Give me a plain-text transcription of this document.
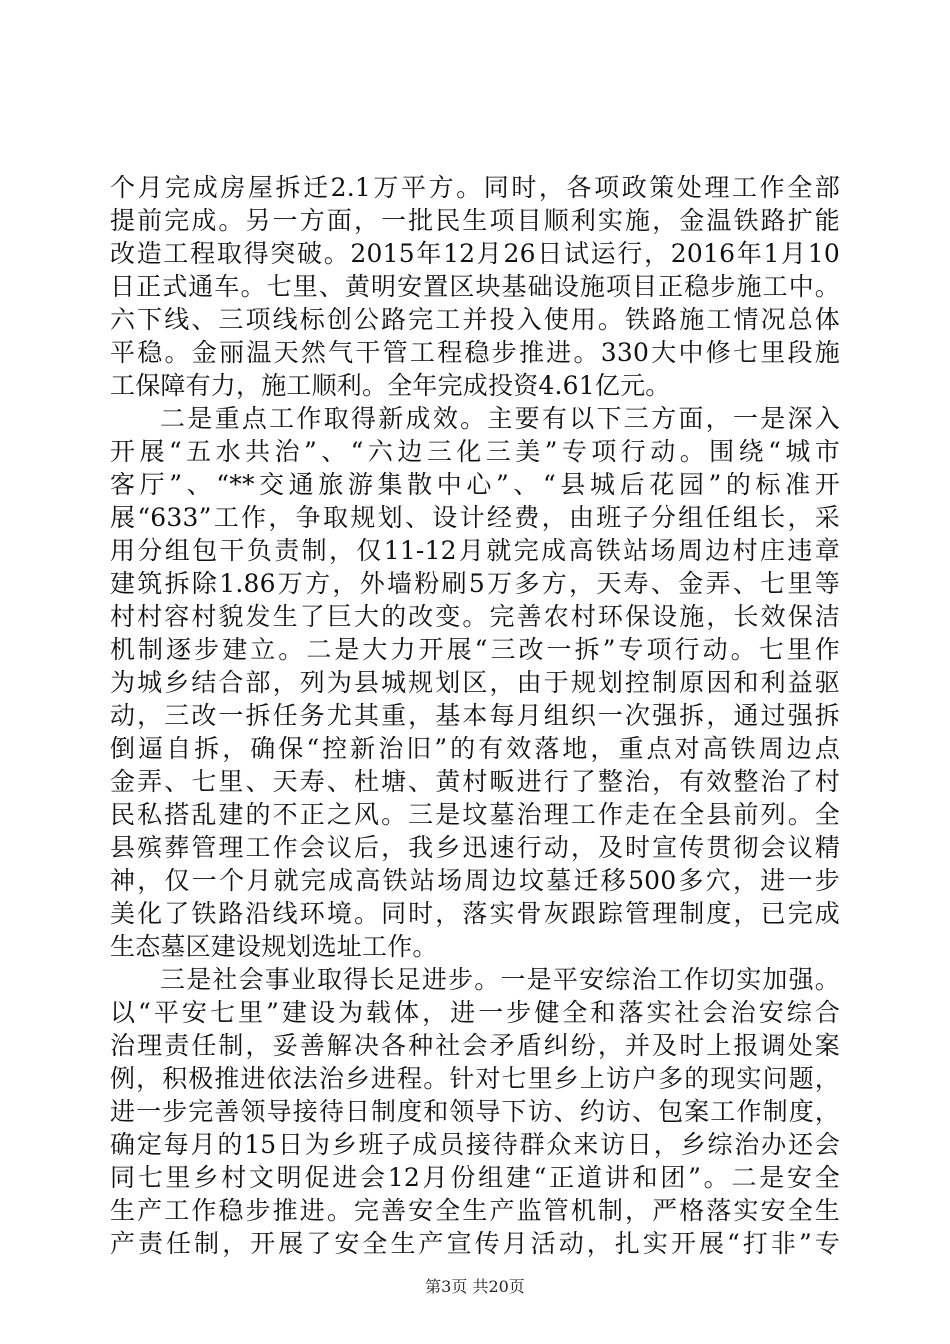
个月完成房屋拆迁2.1万平方。同时，各项政策处理工作全部
提前完成。另一方面，一批民生项目顺利实施，金温铁路扩能
改造工程取得突破。2015年12月26日试运行，2016年1月10
日正式通车。七里、黄明安置区块基础设施项目正稳步施工中。
六下线、三项线标创公路完工并投入使用。铁路施工情况总体
平稳。金丽温天然气干管工程稳步推进。330大中修七里段施
工保障有力，施工顺利。全年完成投资4.61亿元。
二是重点工作取得新成效。主要有以下三方面，一是深入
开展“五水共治”、“六边三化三美”专项行动。围绕“城市
客厅”、“**交通旅游集散中心”、“县城后花园”的标准开
展“633”工作，争取规划、设计经费，由班子分组任组长，采
用分组包干负责制，仅11-12月就完成高铁站场周边村庄违章
建筑拆除1.86万方，外墙粉刷5万多方，天寿、金弄、七里等
村村容村貌发生了巨大的改变。完善农村环保设施，长效保洁
机制逐步建立。二是大力开展“三改一拆”专项行动。七里作
为城乡结合部，列为县城规划区，由于规划控制原因和利益驱
动，三改一拆任务尤其重，基本每月组织一次强拆，通过强拆
倒逼自拆，确保“控新治旧”的有效落地，重点对高铁周边点
金弄、七里、天寿、杜塘、黄村畈进行了整治，有效整治了村
民私搭乱建的不正之风。三是坟墓治理工作走在全县前列。全
县殡葬管理工作会议后，我乡迅速行动，及时宣传贯彻会议精
神，仅一个月就完成高铁站场周边坟墓迁移500多穴，进一步
美化了铁路沿线环境。同时，落实骨灰跟踪管理制度，已完成
生态墓区建设规划选址工作。
三是社会事业取得长足进步。一是平安综治工作切实加强。
以“平安七里”建设为载体，进一步健全和落实社会治安综合
治理责任制，妥善解决各种社会矛盾纠纷，并及时上报调处案
例，积极推进依法治乡进程。针对七里乡上访户多的现实问题，
进一步完善领导接待日制度和领导下访、约访、包案工作制度，
确定每月的15日为乡班子成员接待群众来访日，乡综治办还会
同七里乡村文明促进会12月份组建“正道讲和团”。二是安全
生产工作稳步推进。完善安全生产监管机制，严格落实安全生
产责任制，开展了安全生产宣传月活动，扎实开展“打非”专
第3页 共20页
